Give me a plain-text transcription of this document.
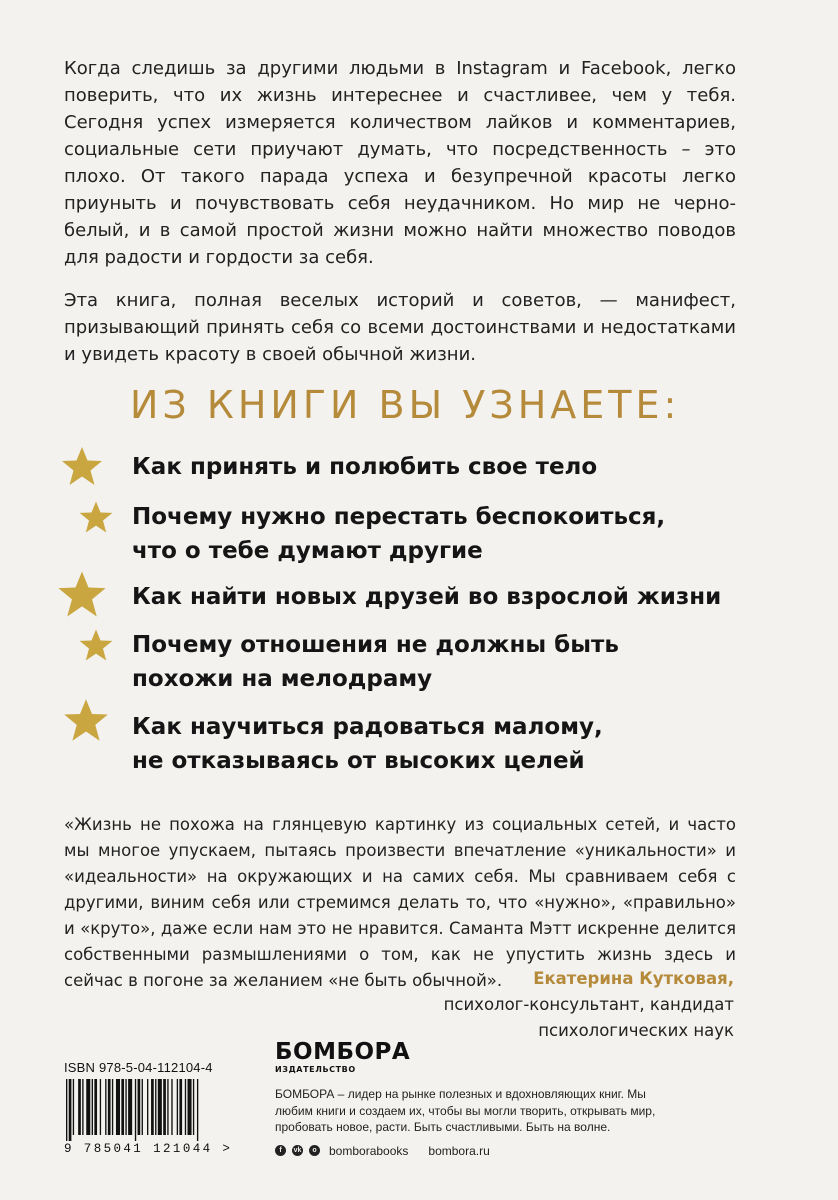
Когда следишь за другими людьми в Instagram и Facebook, легко поверить, что их жизнь интереснее и счастливее, чем у тебя. Сегодня успех измеряется количеством лайков и комментариев, социальные сети приучают думать, что посредственность – это плохо. От такого парада успеха и безупречной красоты легко приуныть и почувствовать себя неудачником. Но мир не черно-белый, и в самой простой жизни можно найти множество поводов для радости и гордости за себя.

Эта книга, полная веселых историй и советов, — манифест, призывающий принять себя со всеми достоинствами и недостатками и увидеть красоту в своей обычной жизни.

ИЗ КНИГИ ВЫ УЗНАЕТЕ:
Как принять и полюбить свое тело
Почему нужно перестать беспокоиться,
что о тебе думают другие
Как найти новых друзей во взрослой жизни
Почему отношения не должны быть
похожи на мелодраму
Как научиться радоваться малому,
не отказываясь от высоких целей
«Жизнь не похожа на глянцевую картинку из социальных сетей, и часто мы многое упускаем, пытаясь произвести впечатление «уникальности» и «идеальности» на окружающих и на самих себя. Мы сравниваем себя с другими, виним себя или стремимся делать то, что «нужно», «правильно» и «круто», даже если нам это не нравится. Саманта Мэтт искренне делится собственными размышлениями о том, как не упустить жизнь здесь и сейчас в погоне за желанием «не быть обычной».	Екатерина Кутковая,
психолог-консультант, кандидат
психологических наук
ISBN 978-5-04-112104-4
9 785041 121044 >
БОМБОРА
ИЗДАТЕЛЬСТВО
БОМБОРА – лидер на рынке полезных и вдохновляющих книг. Мы любим книги и создаем их, чтобы вы могли творить, открывать мир, пробовать новое, расти. Быть счастливыми. Быть на волне.
f	vk	o bomborabooks bombora.ru
